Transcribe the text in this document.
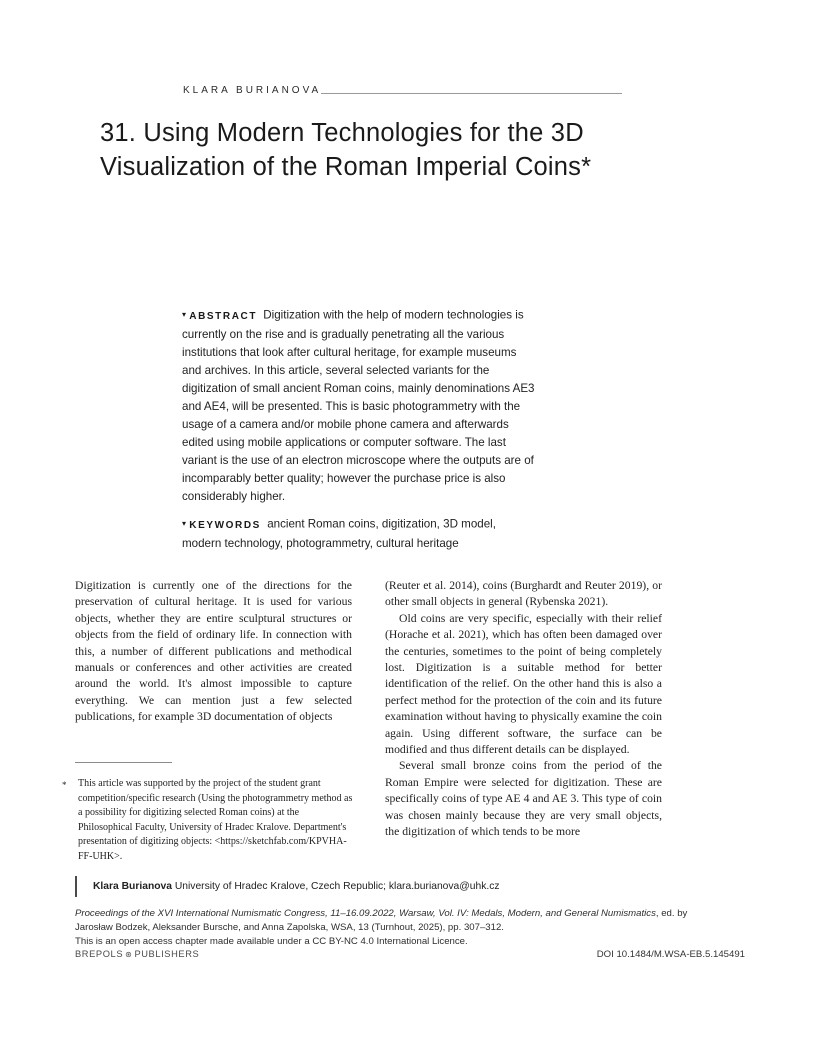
KLARA BURIANOVA
31. Using Modern Technologies for the 3D Visualization of the Roman Imperial Coins*
▾ ABSTRACT Digitization with the help of modern technologies is currently on the rise and is gradually penetrating all the various institutions that look after cultural heritage, for example museums and archives. In this article, several selected variants for the digitization of small ancient Roman coins, mainly denominations AE3 and AE4, will be presented. This is basic photogrammetry with the usage of a camera and/or mobile phone camera and afterwards edited using mobile applications or computer software. The last variant is the use of an electron microscope where the outputs are of incomparably better quality; however the purchase price is also considerably higher.
▾ KEYWORDS ancient Roman coins, digitization, 3D model, modern technology, photogrammetry, cultural heritage

Digitization is currently one of the directions for the preservation of cultural heritage. It is used for various objects, whether they are entire sculptural structures or objects from the field of ordinary life. In connection with this, a number of different publications and methodical manuals or conferences and other activities are created around the world. It's almost impossible to capture everything. We can mention just a few selected publications, for example 3D documentation of objects

(Reuter et al. 2014), coins (Burghardt and Reuter 2019), or other small objects in general (Rybenska 2021).

Old coins are very specific, especially with their relief (Horache et al. 2021), which has often been damaged over the centuries, sometimes to the point of being completely lost. Digitization is a suitable method for better identification of the relief. On the other hand this is also a perfect method for the protection of the coin and its future examination without having to physically examine the coin again. Using different software, the surface can be modified and thus different details can be displayed.

Several small bronze coins from the period of the Roman Empire were selected for digitization. These are specifically coins of type AE 4 and AE 3. This type of coin was chosen mainly because they are very small objects, the digitization of which tends to be more

*	This article was supported by the project of the student grant competition/specific research (Using the photogrammetry method as a possibility for digitizing selected Roman coins) at the Philosophical Faculty, University of Hradec Kralove. Department's presentation of digitizing objects: <https://sketchfab.com/KPVHA-FF-UHK>.
Klara Burianova University of Hradec Kralove, Czech Republic; klara.burianova@uhk.cz
Proceedings of the XVI International Numismatic Congress, 11–16.09.2022, Warsaw, Vol. IV: Medals, Modern, and General Numismatics, ed. by
Jarosław Bodzek, Aleksander Bursche, and Anna Zapolska, WSA, 13 (Turnhout, 2025), pp. 307–312.
This is an open access chapter made available under a CC BY-NC 4.0 International Licence.
BREPOLS ⊛ PUBLISHERS	DOI 10.1484/M.WSA-EB.5.145491
